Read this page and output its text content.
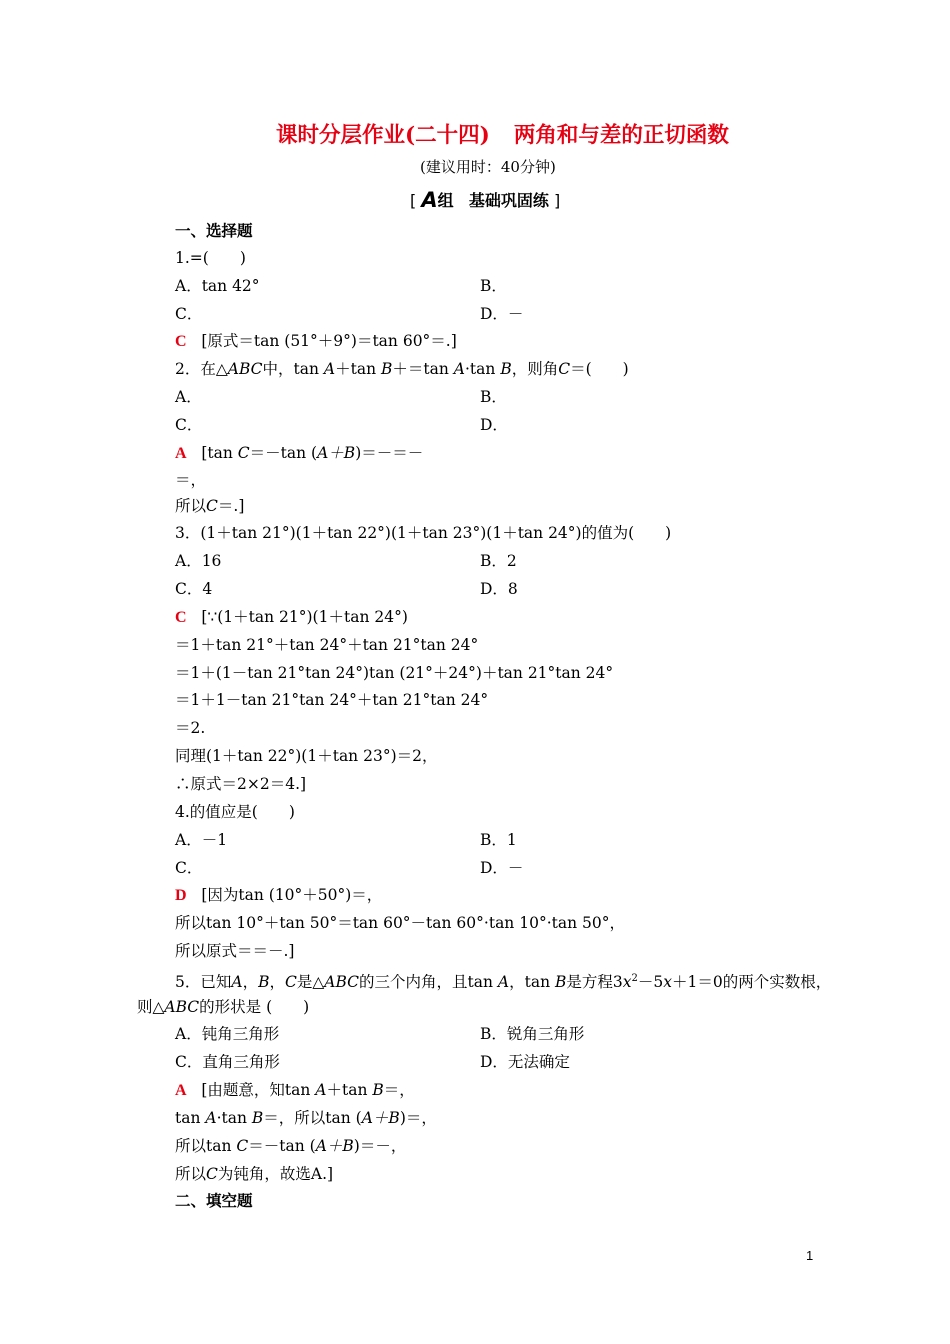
课时分层作业(二十四) 两角和与差的正切函数
(建议用时：40分钟)
[ A组 基础巩固练 ]
一、选择题
1.=(　　)
A．tan 42°	B．
C．	D．－
C [原式＝tan (51°＋9°)＝tan 60°＝.]
2．在△ABC中，tan A＋tan B＋＝tan A·tan B，则角C＝(　　)
A．	B．
C．	D．
A [tan C＝－tan (A＋B)＝－＝－
＝，
所以C＝.]
3．(1＋tan 21°)(1＋tan 22°)(1＋tan 23°)(1＋tan 24°)的值为(　　)
A．16	B．2
C．4	D．8
C [∵(1＋tan 21°)(1＋tan 24°)
＝1＋tan 21°＋tan 24°＋tan 21°tan 24°
＝1＋(1－tan 21°tan 24°)tan (21°＋24°)＋tan 21°tan 24°
＝1＋1－tan 21°tan 24°＋tan 21°tan 24°
＝2.
同理(1＋tan 22°)(1＋tan 23°)＝2，
∴原式＝2×2＝4.]
4.的值应是(　　)
A．－1	B．1
C．	D．－
D [因为tan (10°＋50°)＝，
所以tan 10°＋tan 50°＝tan 60°－tan 60°·tan 10°·tan 50°，
所以原式＝＝－.]
5．已知A，B，C是△ABC的三个内角，且tan A，tan B是方程$3x^2-5x+1=0$的两个实数根，
则△ABC的形状是 (　　)
A．钝角三角形	B．锐角三角形
C．直角三角形	D．无法确定
A [由题意，知tan A＋tan B＝，
tan A·tan B＝，所以tan (A＋B)＝，
所以tan C＝－tan (A＋B)＝－，
所以C为钝角，故选A.]
二、填空题
1
